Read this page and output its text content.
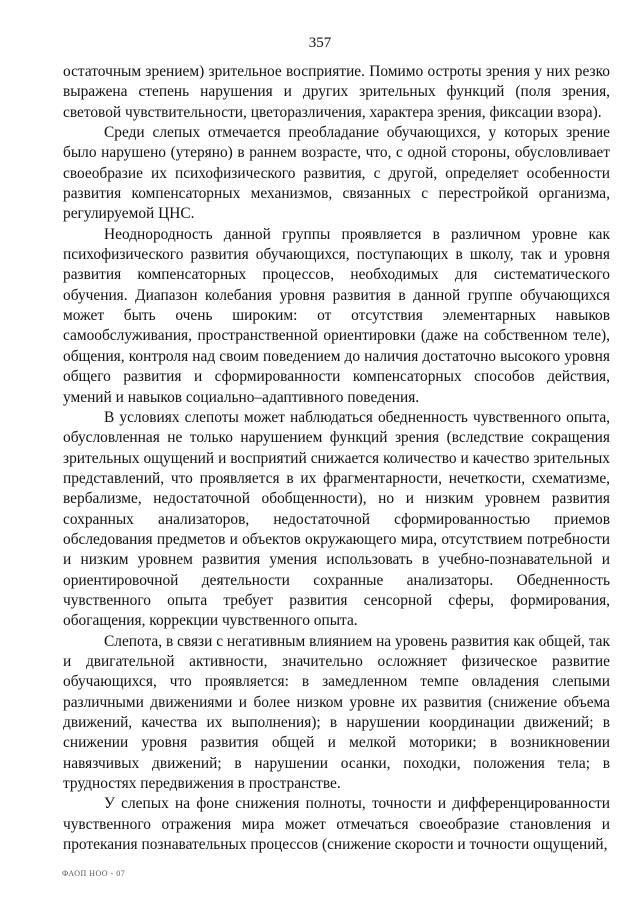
357

остаточным зрением) зрительное восприятие. Помимо остроты зрения у них резко выражена степень нарушения и других зрительных функций (поля зрения, световой чувствительности, цветоразличения, характера зрения, фиксации взора).

Среди слепых отмечается преобладание обучающихся, у которых зрение было нарушено (утеряно) в раннем возрасте, что, с одной стороны, обусловливает своеобразие их психофизического развития, с другой, определяет особенности развития компенсаторных механизмов, связанных с перестройкой организма, регулируемой ЦНС.

Неоднородность данной группы проявляется в различном уровне как психофизического развития обучающихся, поступающих в школу, так и уровня развития компенсаторных процессов, необходимых для систематического обучения. Диапазон колебания уровня развития в данной группе обучающихся может быть очень широким: от отсутствия элементарных навыков самообслуживания, пространственной ориентировки (даже на собственном теле), общения, контроля над своим поведением до наличия достаточно высокого уровня общего развития и сформированности компенсаторных способов действия, умений и навыков социально–адаптивного поведения.

В условиях слепоты может наблюдаться обедненность чувственного опыта, обусловленная не только нарушением функций зрения (вследствие сокращения зрительных ощущений и восприятий снижается количество и качество зрительных представлений, что проявляется в их фрагментарности, нечеткости, схематизме, вербализме, недостаточной обобщенности), но и низким уровнем развития сохранных анализаторов, недостаточной сформированностью приемов обследования предметов и объектов окружающего мира, отсутствием потребности и низким уровнем развития умения использовать в учебно-познавательной и ориентировочной деятельности сохранные анализаторы. Обедненность чувственного опыта требует развития сенсорной сферы, формирования, обогащения, коррекции чувственного опыта.

Слепота, в связи с негативным влиянием на уровень развития как общей, так и двигательной активности, значительно осложняет физическое развитие обучающихся, что проявляется: в замедленном темпе овладения слепыми различными движениями и более низком уровне их развития (снижение объема движений, качества их выполнения); в нарушении координации движений; в снижении уровня развития общей и мелкой моторики; в возникновении навязчивых движений; в нарушении осанки, походки, положения тела; в трудностях передвижения в пространстве.

У слепых на фоне снижения полноты, точности и дифференцированности чувственного отражения мира может отмечаться своеобразие становления и протекания познавательных процессов (снижение скорости и точности ощущений,

ФАОП НОО - 07
